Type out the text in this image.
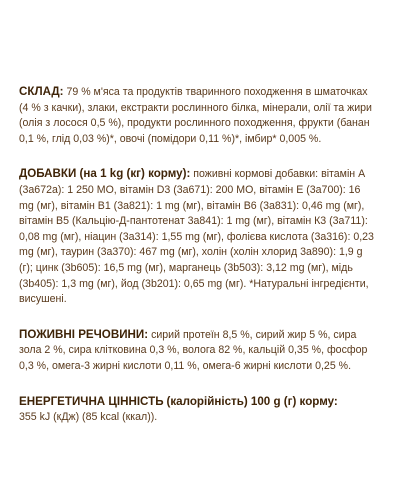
СКЛАД: 79 % м'яса та продуктів тваринного походження в шматочках (4 % з качки), злаки, екстракти рослинного білка, мінерали, олії та жири (олія з лосося 0,5 %), продукти рослинного походження, фрукти (банан 0,1 %, глід 0,03 %)*, овочі (помідори 0,11 %)*, імбир* 0,005 %.

ДОБАВКИ (на 1 kg (кг) корму): поживні кормові добавки: вітамін А (3а672а): 1 250 МО, вітамін D3 (3а671): 200 МО, вітамін Е (3а700): 16 mg (мг), вітамін В1 (3а821): 1 mg (мг), вітамін В6 (3а831): 0,46 mg (мг), вітамін В5 (Кальцію-Д-пантотенат 3а841): 1 mg (мг), вітамін К3 (3а711): 0,08 mg (мг), ніацин (3а314): 1,55 mg (мг), фолієва кислота (3а316): 0,23 mg (мг), таурин (3а370): 467 mg (мг), холін (холін хлорид 3а890): 1,9 g (г); цинк (3b605): 16,5 mg (мг), марганець (3b503): 3,12 mg (мг), мідь (3b405): 1,3 mg (мг), йод (3b201): 0,65 mg (мг). *Натуральні інгредієнти, висушені.

ПОЖИВНІ РЕЧОВИНИ: сирий протеїн 8,5 %, сирий жир 5 %, сира зола 2 %, сира клітковина 0,3 %, волога 82 %, кальцій 0,35 %, фосфор 0,3 %, омега-3 жирні кислоти 0,11 %, омега-6 жирні кислоти 0,25 %.

ЕНЕРГЕТИЧНА ЦІННІСТЬ (калорійність) 100 g (г) корму:
355 kJ (кДж) (85 kcal (ккал)).
